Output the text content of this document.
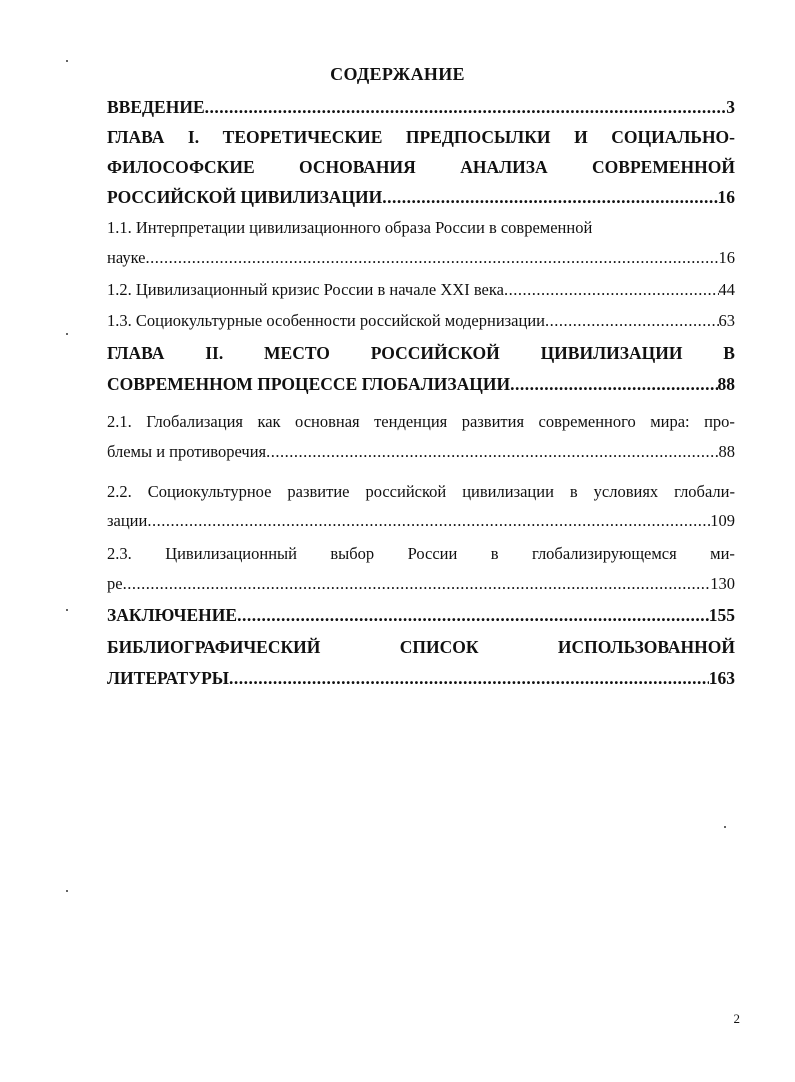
СОДЕРЖАНИЕ
ВВЕДЕНИЕ .....	3
ГЛАВА I. ТЕОРЕТИЧЕСКИЕ ПРЕДПОСЫЛКИ И СОЦИАЛЬНО-
ФИЛОСОФСКИЕ	ОСНОВАНИЯ	АНАЛИЗА	СОВРЕМЕННОЙ
РОССИЙСКОЙ ЦИВИЛИЗАЦИИ .....	16
1.1. Интерпретации цивилизационного образа России в современной
науке .....	16
1.2. Цивилизационный кризис России в начале XXI века .....	44
1.3. Социокультурные особенности российской модернизации .....	63
ГЛАВА II. МЕСТО РОССИЙСКОЙ ЦИВИЛИЗАЦИИ В
СОВРЕМЕННОМ ПРОЦЕССЕ ГЛОБАЛИЗАЦИИ .....	88
2.1. Глобализация как основная тенденция развития современного мира: про-
блемы и противоречия .....	88
2.2. Социокультурное развитие российской цивилизации в условиях глобали-
зации .....	109
2.3. Цивилизационный выбор России в глобализирующемся ми-
ре .....	130
ЗАКЛЮЧЕНИЕ .....	155
БИБЛИОГРАФИЧЕСКИЙ	СПИСОК	ИСПОЛЬЗОВАННОЙ
ЛИТЕРАТУРЫ .....	163
2
